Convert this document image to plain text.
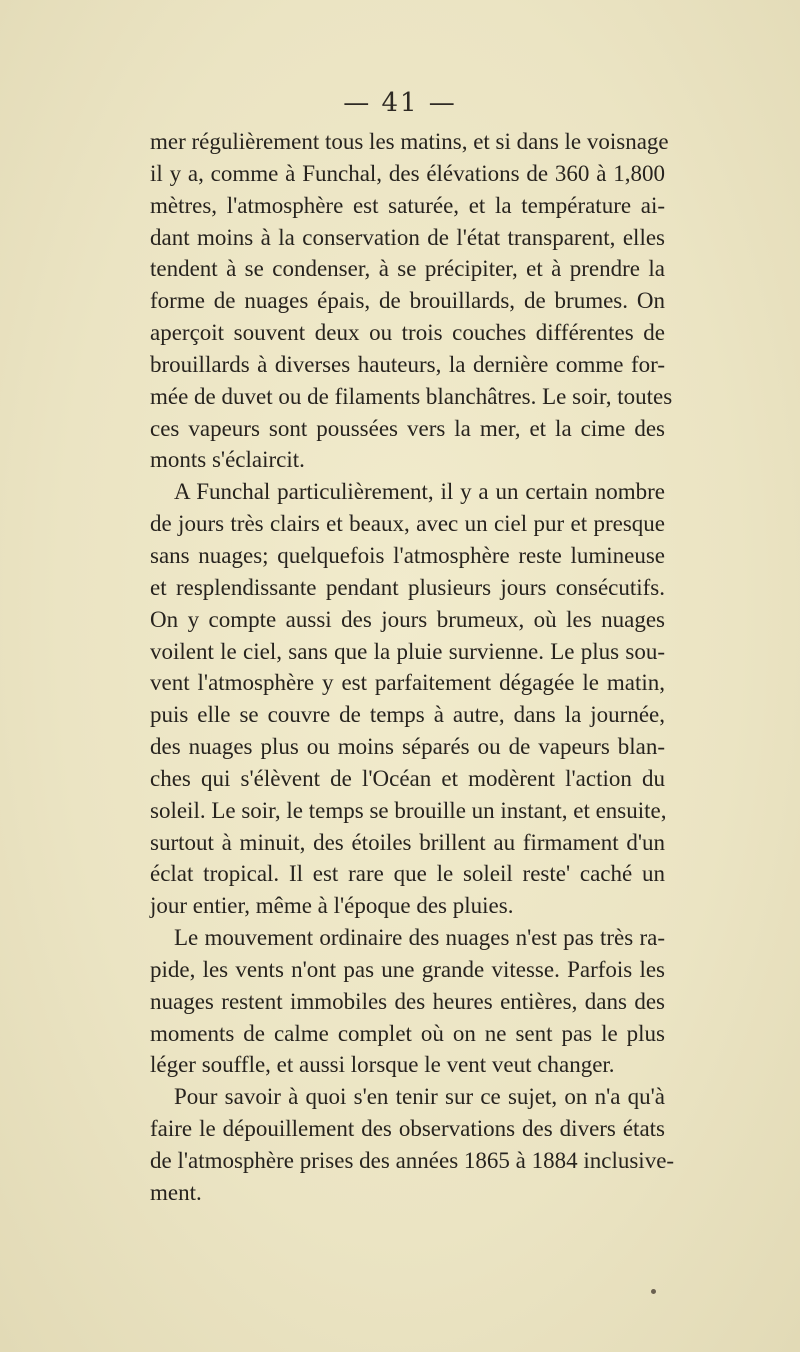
— 41 —
mer régulièrement tous les matins, et si dans le voisnage
il y a, comme à Funchal, des élévations de 360 à 1,800
mètres, l'atmosphère est saturée, et la température ai-
dant moins à la conservation de l'état transparent, elles
tendent à se condenser, à se précipiter, et à prendre la
forme de nuages épais, de brouillards, de brumes. On
aperçoit souvent deux ou trois couches différentes de
brouillards à diverses hauteurs, la dernière comme for-
mée de duvet ou de filaments blanchâtres. Le soir, toutes
ces vapeurs sont poussées vers la mer, et la cime des
monts s'éclaircit.
A Funchal particulièrement, il y a un certain nombre
de jours très clairs et beaux, avec un ciel pur et presque
sans nuages; quelquefois l'atmosphère reste lumineuse
et resplendissante pendant plusieurs jours consécutifs.
On y compte aussi des jours brumeux, où les nuages
voilent le ciel, sans que la pluie survienne. Le plus sou-
vent l'atmosphère y est parfaitement dégagée le matin,
puis elle se couvre de temps à autre, dans la journée,
des nuages plus ou moins séparés ou de vapeurs blan-
ches qui s'élèvent de l'Océan et modèrent l'action du
soleil. Le soir, le temps se brouille un instant, et ensuite,
surtout à minuit, des étoiles brillent au firmament d'un
éclat tropical. Il est rare que le soleil reste' caché un
jour entier, même à l'époque des pluies.
Le mouvement ordinaire des nuages n'est pas très ra-
pide, les vents n'ont pas une grande vitesse. Parfois les
nuages restent immobiles des heures entières, dans des
moments de calme complet où on ne sent pas le plus
léger souffle, et aussi lorsque le vent veut changer.
Pour savoir à quoi s'en tenir sur ce sujet, on n'a qu'à
faire le dépouillement des observations des divers états
de l'atmosphère prises des années 1865 à 1884 inclusive-
ment.
